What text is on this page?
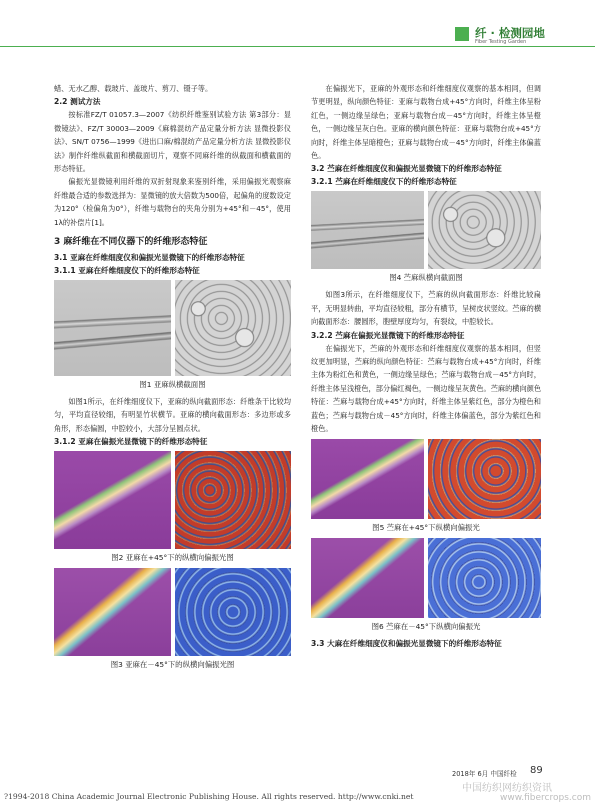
纤 · 检测园地
Fiber Testing Garden

蜡、无水乙醇、载玻片、盖玻片、剪刀、镊子等。

2.2 测试方法

按标准FZ/T 01057.3—2007《纺织纤维鉴别试验方法 第3部分：显微镜法》、FZ/T 30003—2009《麻棉混纺产品定量分析方法 显微投影仪法》、SN/T 0756—1999《进出口麻/棉混纺产品定量分析方法 显微投影仪法》制作纤维纵截面和横截面切片，观察不同麻纤维的纵截面和横截面的形态特征。

偏振光显微镜利用纤维的双折射现象来鉴别纤维，采用偏振光观察麻纤维最合适的参数选择为：显微镜的放大倍数为500倍，起偏角的度数设定为120°（检偏角为0°），纤维与载物台的夹角分别为+45°和－45°，使用1λ的补偿片[1]。

3 麻纤维在不同仪器下的纤维形态特征
3.1 亚麻在纤维细度仪和偏振光显微镜下的纤维形态特征
3.1.1 亚麻在纤维细度仪下的纤维形态特征
图1 亚麻纵横截面图

如图1所示，在纤维细度仪下，亚麻的纵向截面形态：纤维条干比较均匀，平均直径较细，有明显竹状横节。亚麻的横向截面形态：多边形或多角形，形态偏圆，中腔较小，大部分呈圆点状。

3.1.2 亚麻在偏振光显微镜下的纤维形态特征
图2 亚麻在+45°下的纵横向偏振光图
图3 亚麻在－45°下的纵横向偏振光图

在偏振光下，亚麻的外观形态和纤维细度仪观察的基本相同，但调节更明显，纵向颜色特征：亚麻与载物台成+45°方向时，纤维主体呈粉红色，一侧边缘呈绿色；亚麻与载物台成－45°方向时，纤维主体呈橙色，一侧边缘呈灰白色。亚麻的横向颜色特征：亚麻与载物台成+45°方向时，纤维主体呈暗橙色；亚麻与载物台成－45°方向时，纤维主体偏蓝色。

3.2 苎麻在纤维细度仪和偏振光显微镜下的纤维形态特征
3.2.1 苎麻在纤维细度仪下的纤维形态特征
图4 苎麻纵横向截面图

如图3所示，在纤维细度仪下，苎麻的纵向截面形态：纤维比较扁平，无明显转曲，平均直径较粗，部分有横节，呈树皮状竖纹。苎麻的横向截面形态：腰圆形，胞壁厚度均匀，有裂纹，中腔较长。

3.2.2 苎麻在偏振光显微镜下的纤维形态特征

在偏振光下，苎麻的外观形态和纤维细度仪观察的基本相同，但竖纹更加明显，苎麻的纵向颜色特征：苎麻与载物台成+45°方向时，纤维主体为粉红色和黄色，一侧边缘呈绿色；苎麻与载物台成－45°方向时，纤维主体呈浅橙色，部分偏红褐色，一侧边缘呈灰黄色。苎麻的横向颜色特征：苎麻与载物台成+45°方向时，纤维主体呈紫红色，部分为橙色和蓝色；苎麻与载物台成－45°方向时，纤维主体偏蓝色，部分为紫红色和橙色。

图5 苎麻在+45°下纵横向偏振光
图6 苎麻在－45°下纵横向偏振光
3.3 大麻在纤维细度仪和偏振光显微镜下的纤维形态特征
2018年 6月 中国纤检 89
中国纺织网纺织资讯
?1994-2018 China Academic Journal Electronic Publishing House. All rights reserved. http://www.cnki.net	www.fibercrops.com
